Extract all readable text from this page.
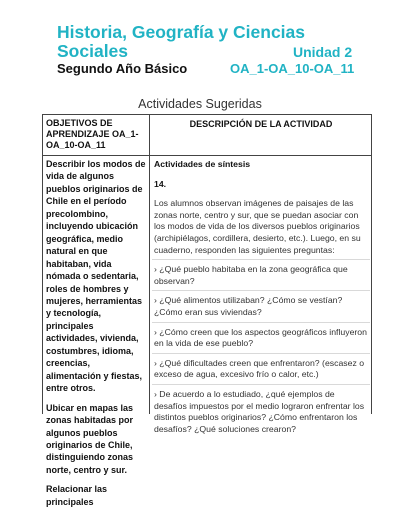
Historia, Geografía y Ciencias
Sociales	Unidad 2
Segundo Año Básico	OA_1-OA_10-OA_11
Actividades Sugeridas
OBJETIVOS DE APRENDIZAJE OA_1-OA_10-OA_11
DESCRIPCIÓN DE LA ACTIVIDAD

Describir los modos de vida de algunos pueblos originarios de Chile en el período precolombino, incluyendo ubicación geográfica, medio natural en que habitaban, vida nómada o sedentaria, roles de hombres y mujeres, herramientas y tecnología, principales actividades, vivienda, costumbres, idioma, creencias, alimentación y fiestas, entre otros.

Ubicar en mapas las zonas habitadas por algunos pueblos originarios de Chile, distinguiendo zonas norte, centro y sur.

Relacionar las principales

Actividades de síntesis
14.

Los alumnos observan imágenes de paisajes de las zonas norte, centro y sur, que se puedan asociar con los modos de vida de los diversos pueblos originarios (archipiélagos, cordillera, desierto, etc.). Luego, en su cuaderno, responden las siguientes preguntas:

› ¿Qué pueblo habitaba en la zona geográfica que observan?

› ¿Qué alimentos utilizaban? ¿Cómo se vestían? ¿Cómo eran sus viviendas?

› ¿Cómo creen que los aspectos geográficos influyeron en la vida de ese pueblo?

› ¿Qué dificultades creen que enfrentaron? (escasez o exceso de agua, excesivo frío o calor, etc.)

› De acuerdo a lo estudiado, ¿qué ejemplos de desafíos impuestos por el medio lograron enfrentar los distintos pueblos originarios? ¿Cómo enfrentaron los desafíos? ¿Qué soluciones crearon?
